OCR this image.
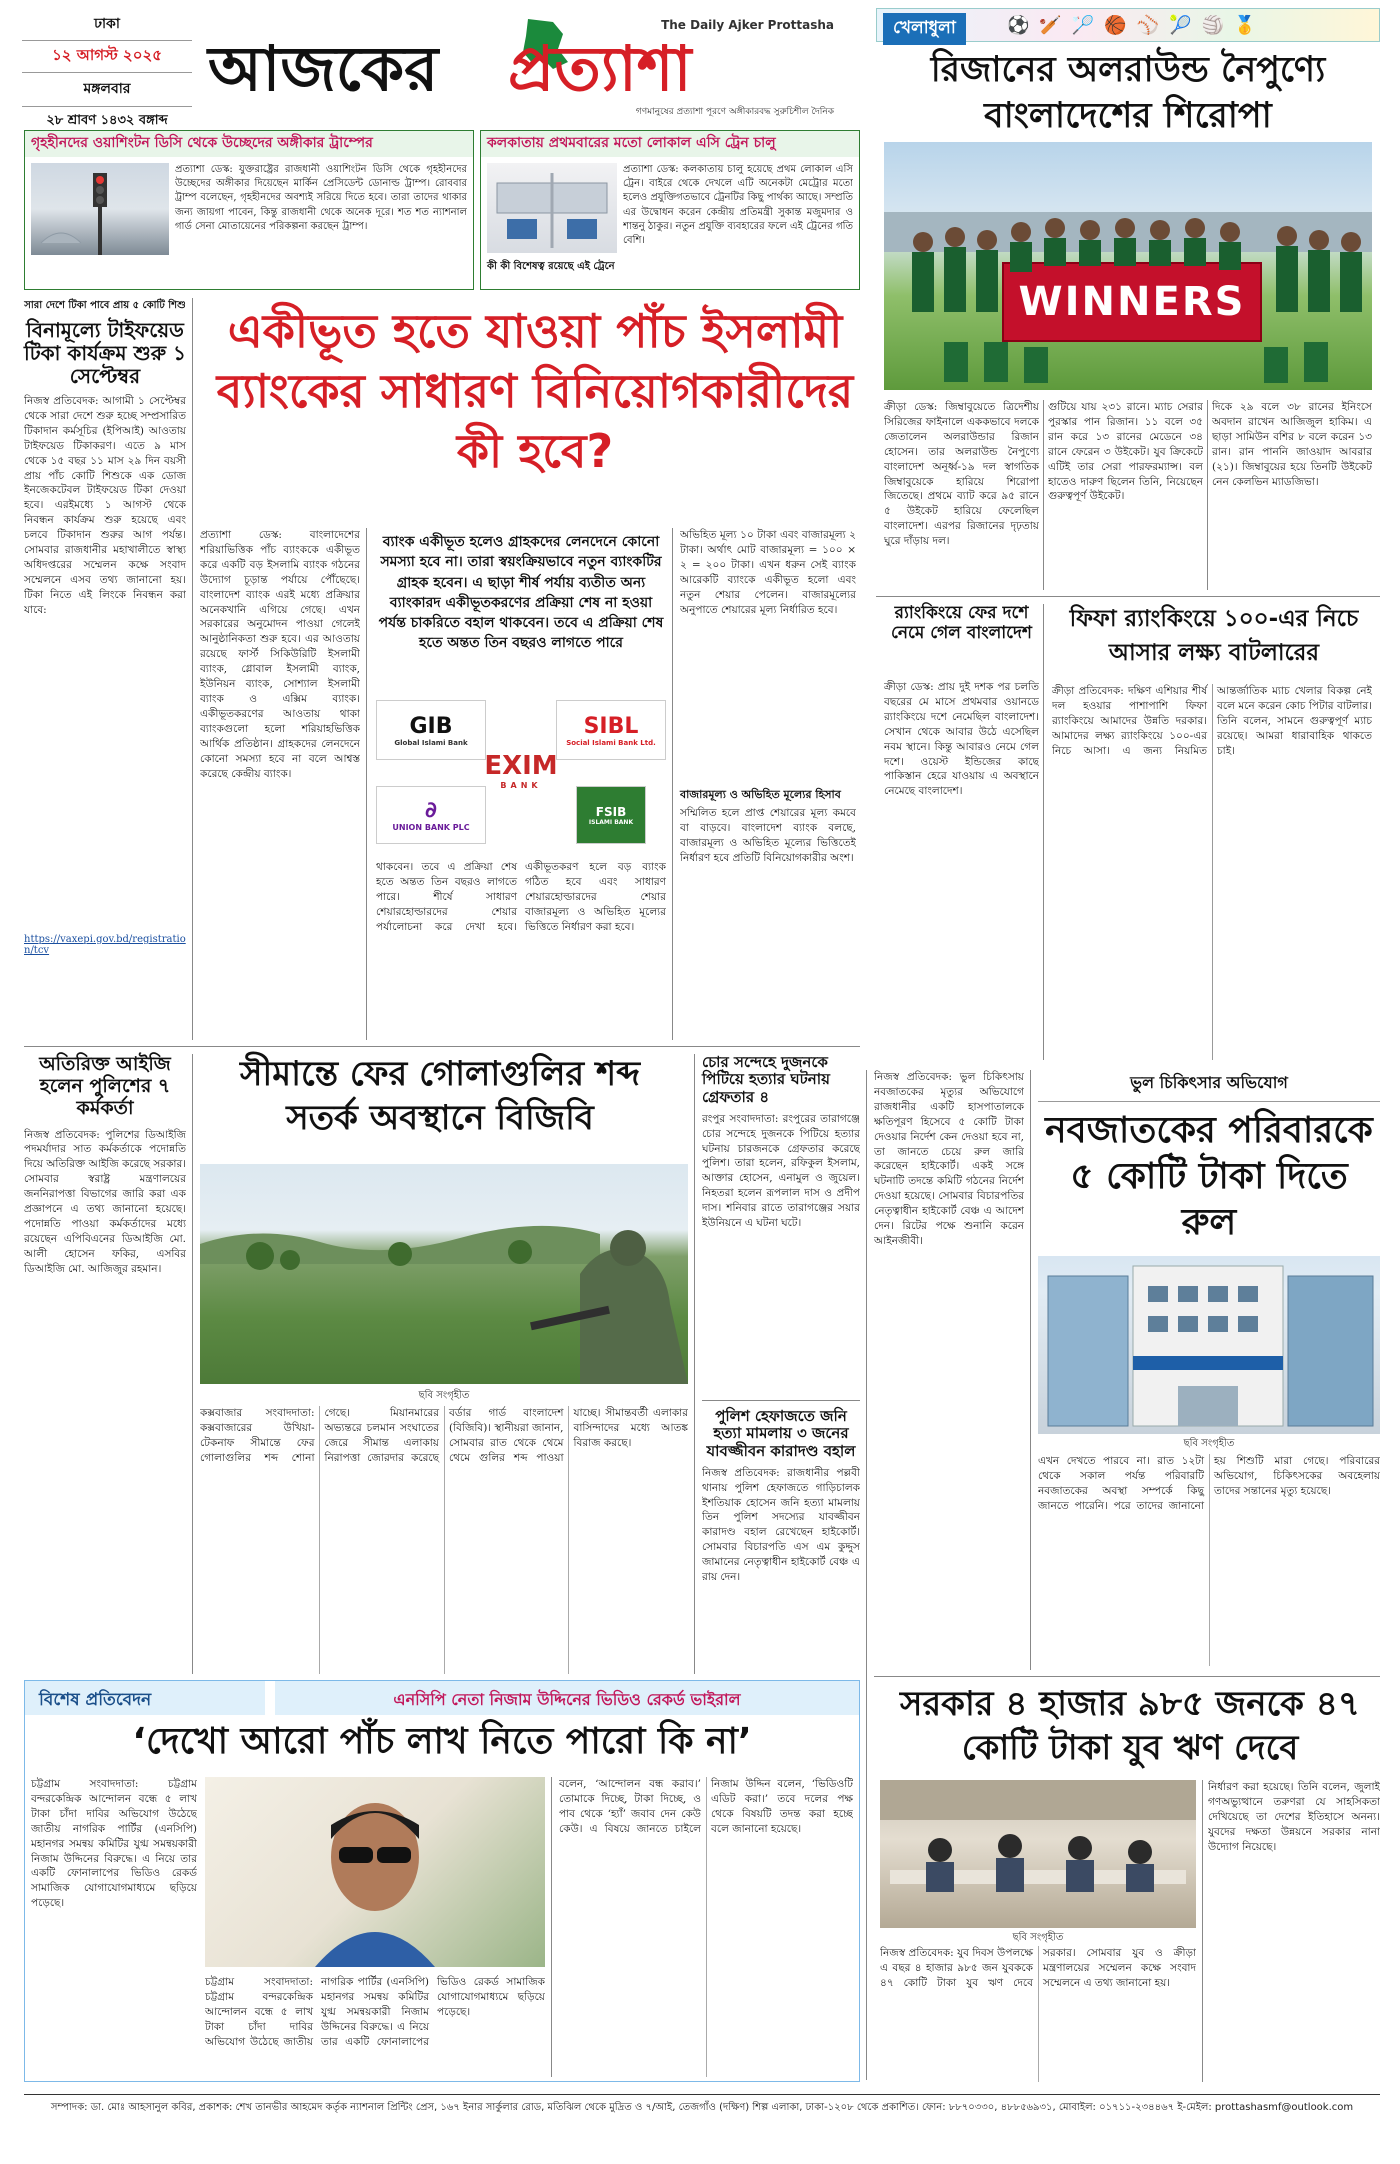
ঢাকা
১২ আগস্ট ২০২৫
মঙ্গলবার
২৮ শ্রাবণ ১৪৩২ বঙ্গাব্দ
আজকের প্রত্যাশা
The Daily Ajker Prottasha
গণমানুষের প্রত্যাশা পূরণে অঙ্গীকারবদ্ধ সুরুচিশীল দৈনিক
খেলাধুলা	⚽🏏🏸🏀⚾🎾🏐🥇
রিজানের অলরাউন্ড নৈপুণ্যে বাংলাদেশের শিরোপা
WINNERS
ক্রীড়া ডেস্ক: জিম্বাবুয়েতে ত্রিদেশীয় সিরিজের ফাইনালে এককভাবে দলকে জেতালেন অলরাউন্ডার রিজান হোসেন। তার অলরাউন্ড নৈপুণ্যে বাংলাদেশ অনূর্ধ্ব-১৯ দল স্বাগতিক জিম্বাবুয়েকে হারিয়ে শিরোপা জিতেছে। প্রথমে ব্যাট করে ৯৫ রানে ৫ উইকেট হারিয়ে ফেলেছিল বাংলাদেশ। এরপর রিজানের দৃঢ়তায় ঘুরে দাঁড়ায় দল।
গুটিয়ে যায় ২৩১ রানে। ম্যাচ সেরার পুরস্কার পান রিজান। ১১ বলে ৩৫ রান করে ১৩ রানের মেডেনে ৩৪ রানে ফেরেন ৩ উইকেট। যুব ক্রিকেটে এটিই তার সেরা পারফরম্যান্স। বল হাতেও দারুণ ছিলেন তিনি, নিয়েছেন গুরুত্বপূর্ণ উইকেট।
দিকে ২৯ বলে ৩৮ রানের ইনিংসে অবদান রাখেন আজিজুল হাকিম। এ ছাড়া সামিউন বশির ৮ বলে করেন ১৩ রান। রান পাননি জাওয়াদ আবরার (২১)। জিম্বাবুয়ের হয়ে তিনটি উইকেট নেন কেলভিন ম্যাডজিভা।
র‍্যাংকিংয়ে ফের দশে নেমে গেল বাংলাদেশ
ক্রীড়া ডেস্ক: প্রায় দুই দশক পর চলতি বছরের মে মাসে প্রথমবার ওয়ানডে র‍্যাংকিংয়ে দশে নেমেছিল বাংলাদেশ। সেখান থেকে আবার উঠে এসেছিল নবম স্থানে। কিন্তু আবারও নেমে গেল দশে। ওয়েস্ট ইন্ডিজের কাছে পাকিস্তান হেরে যাওয়ায় এ অবস্থানে নেমেছে বাংলাদেশ।
ফিফা র‍্যাংকিংয়ে ১০০-এর নিচে
আসার লক্ষ্য বাটলারের
ক্রীড়া প্রতিবেদক: দক্ষিণ এশিয়ার শীর্ষ দল হওয়ার পাশাপাশি ফিফা র‍্যাংকিংয়ে আমাদের উন্নতি দরকার। আমাদের লক্ষ্য র‍্যাংকিংয়ে ১০০-এর নিচে আসা। এ জন্য নিয়মিত আন্তর্জাতিক ম্যাচ খেলার বিকল্প নেই বলে মনে করেন কোচ পিটার বাটলার। তিনি বলেন, সামনে গুরুত্বপূর্ণ ম্যাচ রয়েছে। আমরা ধারাবাহিক থাকতে চাই।
গৃহহীনদের ওয়াশিংটন ডিসি থেকে উচ্ছেদের অঙ্গীকার ট্রাম্পের
প্রত্যাশা ডেস্ক: যুক্তরাষ্ট্রের রাজধানী ওয়াশিংটন ডিসি থেকে গৃহহীনদের উচ্ছেদের অঙ্গীকার দিয়েছেন মার্কিন প্রেসিডেন্ট ডোনাল্ড ট্রাম্প। রোববার ট্রাম্প বলেছেন, গৃহহীনদের অবশ্যই সরিয়ে দিতে হবে। তারা তাদের থাকার জন্য জায়গা পাবেন, কিন্তু রাজধানী থেকে অনেক দূরে। শত শত ন্যাশনাল গার্ড সেনা মোতায়েনের পরিকল্পনা করছেন ট্রাম্প।
কলকাতায় প্রথমবারের মতো লোকাল এসি ট্রেন চালু
প্রত্যাশা ডেস্ক: কলকাতায় চালু হয়েছে প্রথম লোকাল এসি ট্রেন। বাইরে থেকে দেখলে এটি অনেকটা মেট্রোর মতো হলেও প্রযুক্তিগতভাবে ট্রেনটির কিছু পার্থক্য আছে। সম্প্রতি এর উদ্বোধন করেন কেন্দ্রীয় প্রতিমন্ত্রী সুকান্ত মজুমদার ও শান্তনু ঠাকুর। নতুন প্রযুক্তি ব্যবহারের ফলে এই ট্রেনের গতি বেশি।
কী কী বিশেষত্ব রয়েছে এই ট্রেনে
সারা দেশে টিকা পাবে প্রায় ৫ কোটি শিশু
বিনামূল্যে টাইফয়েড টিকা কার্যক্রম শুরু ১ সেপ্টেম্বর
নিজস্ব প্রতিবেদক: আগামী ১ সেপ্টেম্বর থেকে সারা দেশে শুরু হচ্ছে সম্প্রসারিত টিকাদান কর্মসূচির (ইপিআই) আওতায় টাইফয়েড টিকাকরণ। এতে ৯ মাস থেকে ১৫ বছর ১১ মাস ২৯ দিন বয়সী প্রায় পাঁচ কোটি শিশুকে এক ডোজ ইনজেকটেবল টাইফয়েড টিকা দেওয়া হবে। এরইমধ্যে ১ আগস্ট থেকে নিবন্ধন কার্যক্রম শুরু হয়েছে এবং চলবে টিকাদান শুরুর আগ পর্যন্ত। সোমবার রাজধানীর মহাখালীতে স্বাস্থ্য অধিদপ্তরের সম্মেলন কক্ষে সংবাদ সম্মেলনে এসব তথ্য জানানো হয়। টিকা নিতে এই লিংকে নিবন্ধন করা যাবে:
https://vaxepi.gov.bd/registration/tcv
একীভূত হতে যাওয়া পাঁচ ইসলামী ব্যাংকের সাধারণ বিনিয়োগকারীদের কী হবে?
প্রত্যাশা ডেস্ক: বাংলাদেশের শরিয়াভিত্তিক পাঁচ ব্যাংককে একীভূত করে একটি বড় ইসলামি ব্যাংক গঠনের উদ্যোগ চূড়ান্ত পর্যায়ে পৌঁছেছে। বাংলাদেশ ব্যাংক এরই মধ্যে প্রক্রিয়ার অনেকখানি এগিয়ে গেছে। এখন সরকারের অনুমোদন পাওয়া গেলেই আনুষ্ঠানিকতা শুরু হবে। এর আওতায় রয়েছে ফার্স্ট সিকিউরিটি ইসলামী ব্যাংক, গ্লোবাল ইসলামী ব্যাংক, ইউনিয়ন ব্যাংক, সোশ্যাল ইসলামী ব্যাংক ও এক্সিম ব্যাংক। একীভূতকরণের আওতায় থাকা ব্যাংকগুলো হলো শরিয়াহভিত্তিক আর্থিক প্রতিষ্ঠান। গ্রাহকদের লেনদেনে কোনো সমস্যা হবে না বলে আশ্বস্ত করেছে কেন্দ্রীয় ব্যাংক।
ব্যাংক একীভূত হলেও গ্রাহকদের লেনদেনে কোনো সমস্যা হবে না। তারা স্বয়ংক্রিয়ভাবে নতুন ব্যাংকটির গ্রাহক হবেন। এ ছাড়া শীর্ষ পর্যায় ব্যতীত অন্য ব্যাংকারদ একীভূতকরণের প্রক্রিয়া শেষ না হওয়া পর্যন্ত চাকরিতে বহাল থাকবেন। তবে এ প্রক্রিয়া শেষ হতে অন্তত তিন বছরও লাগতে পারে
GIB
Global Islami Bank
SIBL
Social Islami Bank Ltd.
EXIM
BANK
∂
UNION BANK PLC
FSIB
ISLAMI BANK
অভিহিত মূল্য ১০ টাকা এবং বাজারমূল্য ২ টাকা। অর্থাৎ মোট বাজারমূল্য = ১০০ × ২ = ২০০ টাকা। এখন ধরুন সেই ব্যাংক আরেকটি ব্যাংকে একীভূত হলো এবং নতুন শেয়ার পেলেন। বাজারমূল্যের অনুপাতে শেয়ারের মূল্য নির্ধারিত হবে।
বাজারমূল্য ও অভিহিত মূল্যের হিসাব
সম্মিলিত হলে প্রাপ্ত শেয়ারের মূল্য কমবে বা বাড়বে। বাংলাদেশ ব্যাংক বলছে, বাজারমূল্য ও অভিহিত মূল্যের ভিত্তিতেই নির্ধারণ হবে প্রতিটি বিনিয়োগকারীর অংশ।
থাকবেন। তবে এ প্রক্রিয়া শেষ হতে অন্তত তিন বছরও লাগতে পারে। শীর্ষে সাধারণ শেয়ারহোল্ডারদের শেয়ার পর্যালোচনা করে দেখা হবে। একীভূতকরণ হলে বড় ব্যাংক গঠিত হবে এবং সাধারণ শেয়ারহোল্ডারদের শেয়ার বাজারমূল্য ও অভিহিত মূল্যের ভিত্তিতে নির্ধারণ করা হবে।
অতিরিক্ত আইজি হলেন পুলিশের ৭ কর্মকর্তা
নিজস্ব প্রতিবেদক: পুলিশের ডিআইজি পদমর্যাদার সাত কর্মকর্তাকে পদোন্নতি দিয়ে অতিরিক্ত আইজি করেছে সরকার। সোমবার স্বরাষ্ট্র মন্ত্রণালয়ের জননিরাপত্তা বিভাগের জারি করা এক প্রজ্ঞাপনে এ তথ্য জানানো হয়েছে। পদোন্নতি পাওয়া কর্মকর্তাদের মধ্যে রয়েছেন এপিবিএনের ডিআইজি মো. আলী হোসেন ফকির, এসবির ডিআইজি মো. আজিজুর রহমান।
সীমান্তে ফের গোলাগুলির শব্দ সতর্ক অবস্থানে বিজিবি
ছবি সংগৃহীত
কক্সবাজার সংবাদদাতা: কক্সবাজারের উখিয়া-টেকনাফ সীমান্তে ফের গোলাগুলির শব্দ শোনা গেছে। মিয়ানমারের অভ্যন্তরে চলমান সংঘাতের জেরে সীমান্ত এলাকায় নিরাপত্তা জোরদার করেছে বর্ডার গার্ড বাংলাদেশ (বিজিবি)। স্থানীয়রা জানান, সোমবার রাত থেকে থেমে থেমে গুলির শব্দ পাওয়া যাচ্ছে। সীমান্তবর্তী এলাকার বাসিন্দাদের মধ্যে আতঙ্ক বিরাজ করছে।
চোর সন্দেহে দুজনকে পিটিয়ে হত্যার ঘটনায় গ্রেফতার ৪
রংপুর সংবাদদাতা: রংপুরের তারাগঞ্জে চোর সন্দেহে দুজনকে পিটিয়ে হত্যার ঘটনায় চারজনকে গ্রেফতার করেছে পুলিশ। তারা হলেন, রফিকুল ইসলাম, আক্তার হোসেন, এনামুল ও জুয়েল। নিহতরা হলেন রূপলাল দাস ও প্রদীপ দাস। শনিবার রাতে তারাগঞ্জের সয়ার ইউনিয়নে এ ঘটনা ঘটে।
পুলিশ হেফাজতে জনি হত্যা মামলায় ৩ জনের যাবজ্জীবন কারাদণ্ড বহাল
নিজস্ব প্রতিবেদক: রাজধানীর পল্লবী থানায় পুলিশ হেফাজতে গাড়িচালক ইশতিয়াক হোসেন জনি হত্যা মামলায় তিন পুলিশ সদস্যের যাবজ্জীবন কারাদণ্ড বহাল রেখেছেন হাইকোর্ট। সোমবার বিচারপতি এস এম কুদ্দুস জামানের নেতৃত্বাধীন হাইকোর্ট বেঞ্চ এ রায় দেন।
নিজস্ব প্রতিবেদক: ভুল চিকিৎসায় নবজাতকের মৃত্যুর অভিযোগে রাজধানীর একটি হাসপাতালকে ক্ষতিপূরণ হিসেবে ৫ কোটি টাকা দেওয়ার নির্দেশ কেন দেওয়া হবে না, তা জানতে চেয়ে রুল জারি করেছেন হাইকোর্ট। একই সঙ্গে ঘটনাটি তদন্তে কমিটি গঠনের নির্দেশ দেওয়া হয়েছে। সোমবার বিচারপতির নেতৃত্বাধীন হাইকোর্ট বেঞ্চ এ আদেশ দেন। রিটের পক্ষে শুনানি করেন আইনজীবী।
ভুল চিকিৎসার অভিযোগ
নবজাতকের পরিবারকে ৫ কোটি টাকা দিতে রুল
ছবি সংগৃহীত
এখন দেখতে পারবে না। রাত ১২টা থেকে সকাল পর্যন্ত পরিবারটি নবজাতকের অবস্থা সম্পর্কে কিছু জানতে পারেনি। পরে তাদের জানানো হয় শিশুটি মারা গেছে। পরিবারের অভিযোগ, চিকিৎসকের অবহেলায় তাদের সন্তানের মৃত্যু হয়েছে।
সরকার ৪ হাজার ৯৮৫ জনকে ৪৭ কোটি টাকা যুব ঋণ দেবে
ছবি সংগৃহীত
নিজস্ব প্রতিবেদক: যুব দিবস উপলক্ষে এ বছর ৪ হাজার ৯৮৫ জন যুবককে ৪৭ কোটি টাকা যুব ঋণ দেবে সরকার। সোমবার যুব ও ক্রীড়া মন্ত্রণালয়ের সম্মেলন কক্ষে সংবাদ সম্মেলনে এ তথ্য জানানো হয়।
নির্ধারণ করা হয়েছে। তিনি বলেন, জুলাই গণঅভ্যুত্থানে তরুণরা যে সাহসিকতা দেখিয়েছে তা দেশের ইতিহাসে অনন্য। যুবদের দক্ষতা উন্নয়নে সরকার নানা উদ্যোগ নিয়েছে।
বিশেষ প্রতিবেদন	এনসিপি নেতা নিজাম উদ্দিনের ভিডিও রেকর্ড ভাইরাল
‘দেখো আরো পাঁচ লাখ নিতে পারো কি না’
চট্টগ্রাম সংবাদদাতা: চট্টগ্রাম বন্দরকেন্দ্রিক আন্দোলন বন্ধে ৫ লাখ টাকা চাঁদা দাবির অভিযোগ উঠেছে জাতীয় নাগরিক পার্টির (এনসিপি) মহানগর সমন্বয় কমিটির যুগ্ম সমন্বয়কারী নিজাম উদ্দিনের বিরুদ্ধে। এ নিয়ে তার একটি ফোনালাপের ভিডিও রেকর্ড সামাজিক যোগাযোগমাধ্যমে ছড়িয়ে পড়েছে।
চট্টগ্রাম সংবাদদাতা: চট্টগ্রাম বন্দরকেন্দ্রিক আন্দোলন বন্ধে ৫ লাখ টাকা চাঁদা দাবির অভিযোগ উঠেছে জাতীয় নাগরিক পার্টির (এনসিপি) মহানগর সমন্বয় কমিটির যুগ্ম সমন্বয়কারী নিজাম উদ্দিনের বিরুদ্ধে। এ নিয়ে তার একটি ফোনালাপের ভিডিও রেকর্ড সামাজিক যোগাযোগমাধ্যমে ছড়িয়ে পড়েছে।
বলেন, ‘আন্দোলন বন্ধ করাব।’ তোমাকে দিচ্ছে, টাকা দিচ্ছে, ও পাব থেকে ‘হ্যাঁ’ জবাব দেন কেউ কেউ। এ বিষয়ে জানতে চাইলে নিজাম উদ্দিন বলেন, ‘ভিডিওটি এডিট করা।’ তবে দলের পক্ষ থেকে বিষয়টি তদন্ত করা হচ্ছে বলে জানানো হয়েছে।
সম্পাদক: ডা. মোঃ আহসানুল কবির, প্রকাশক: শেখ তানভীর আহমেদ কর্তৃক ন্যাশনাল প্রিন্টিং প্রেস, ১৬৭ ইনার সার্কুলার রোড, মতিঝিল থেকে মুদ্রিত ও ৭/আই, তেজগাঁও (দক্ষিণ) শিল্প এলাকা, ঢাকা-১২০৮ থেকে প্রকাশিত। ফোন: ৮৮৭০৩৩০, ৪৮৮৫৬৯৩১, মোবাইল: ০১৭১১-২৩৪৪৬৭ ই-মেইল: prottashasmf@outlook.com
